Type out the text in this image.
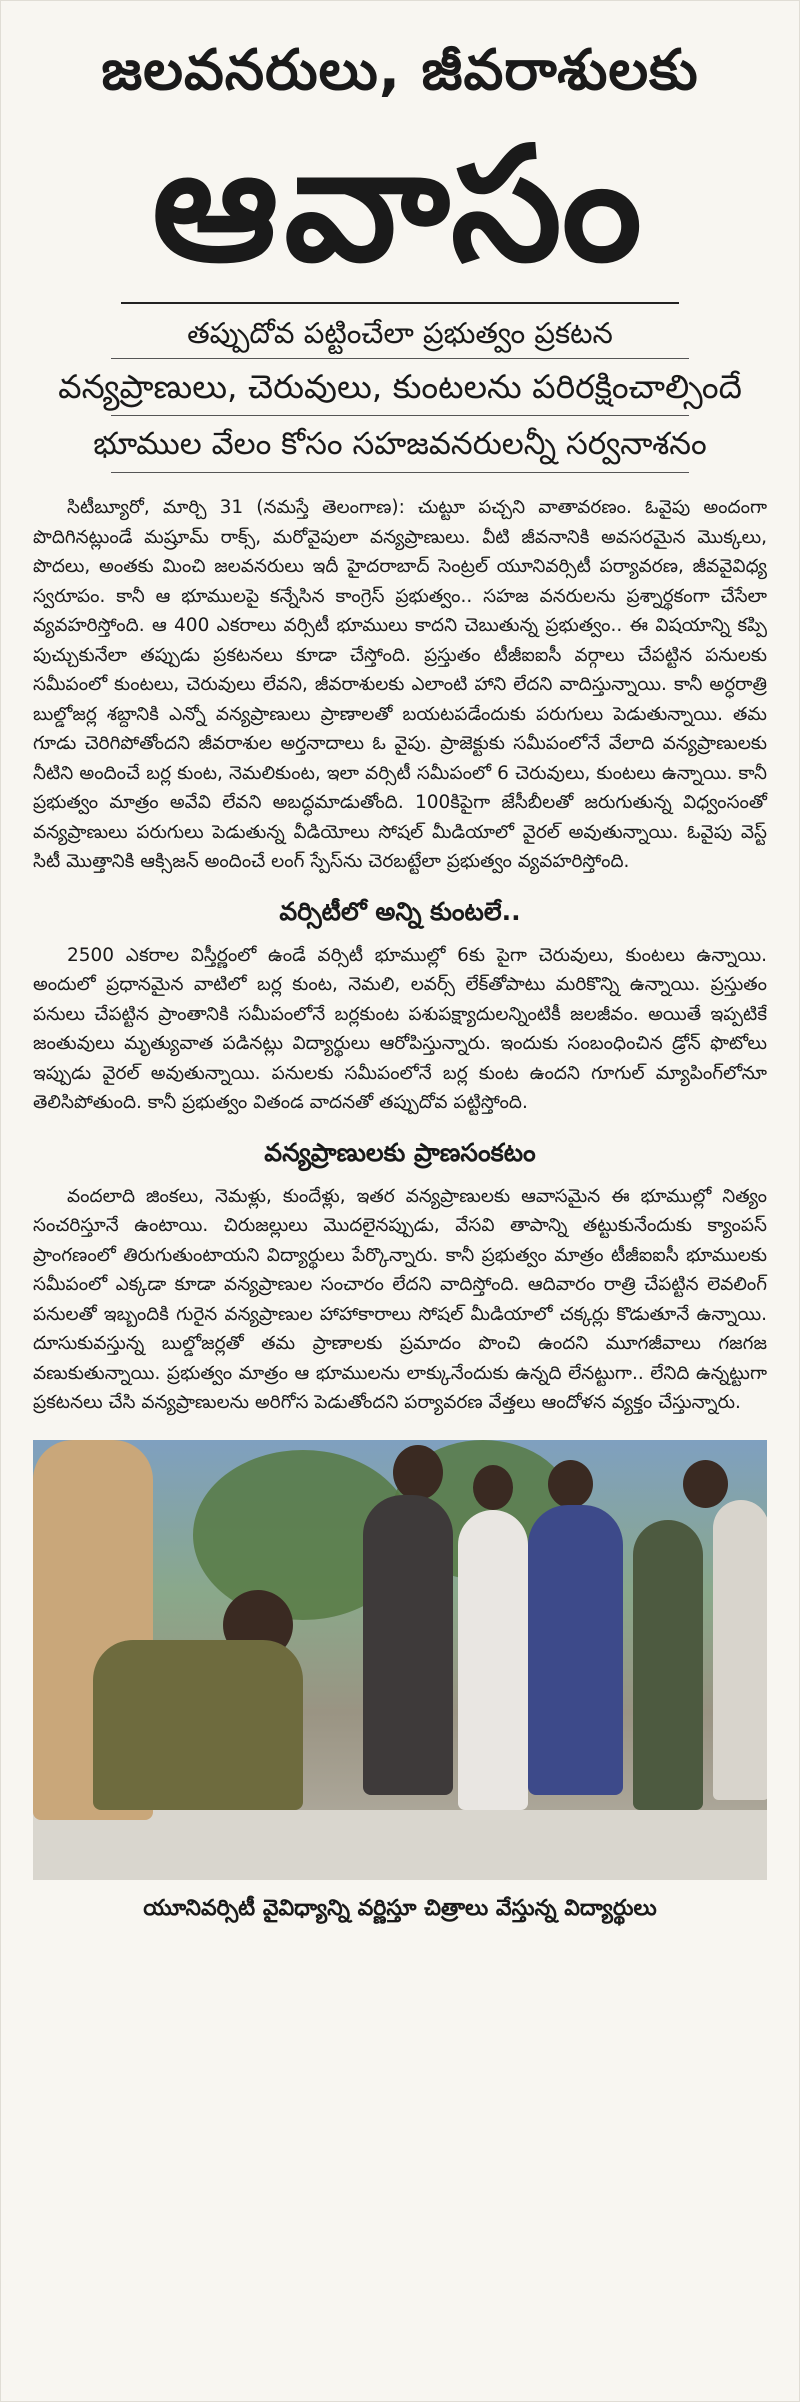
జలవనరులు, జీవరాశులకు
ఆవాసం
తప్పుదోవ పట్టించేలా ప్రభుత్వం ప్రకటన
వన్యప్రాణులు, చెరువులు, కుంటలను పరిరక్షించాల్సిందే
భూముల వేలం కోసం సహజవనరులన్నీ సర్వనాశనం

సిటీబ్యూరో, మార్చి 31 (నమస్తే తెలంగాణ): చుట్టూ పచ్చని వాతావరణం. ఓవైపు అందంగా పొదిగినట్లుండే మష్రూమ్ రాక్స్, మరోవైపులా వన్యప్రాణులు. వీటి జీవనానికి అవసరమైన మొక్కలు, పొదలు, అంతకు మించి జలవనరులు ఇదీ హైదరాబాద్ సెంట్రల్ యూనివర్సిటీ పర్యావరణ, జీవవైవిధ్య స్వరూపం. కానీ ఆ భూములపై కన్నేసిన కాంగ్రెస్ ప్రభుత్వం.. సహజ వనరులను ప్రశ్నార్థకంగా చేసేలా వ్యవహరిస్తోంది. ఆ 400 ఎకరాలు వర్సిటీ భూములు కాదని చెబుతున్న ప్రభుత్వం.. ఈ విషయాన్ని కప్పి పుచ్చుకునేలా తప్పుడు ప్రకటనలు కూడా చేస్తోంది. ప్రస్తుతం టీజీఐఐసీ వర్గాలు చేపట్టిన పనులకు సమీపంలో కుంటలు, చెరువులు లేవని, జీవరాశులకు ఎలాంటి హాని లేదని వాదిస్తున్నాయి. కానీ అర్ధరాత్రి బుల్డోజర్ల శబ్దానికి ఎన్నో వన్యప్రాణులు ప్రాణాలతో బయటపడేందుకు పరుగులు పెడుతున్నాయి. తమ గూడు చెరిగిపోతోందని జీవరాశుల అర్తనాదాలు ఓ వైపు. ప్రాజెక్టుకు సమీపంలోనే వేలాది వన్యప్రాణులకు నీటిని అందించే బర్ల కుంట, నెమలికుంట, ఇలా వర్సిటీ సమీపంలో 6 చెరువులు, కుంటలు ఉన్నాయి. కానీ ప్రభుత్వం మాత్రం అవేవి లేవని అబద్ధమాడుతోంది. 100కిపైగా జేసీబీలతో జరుగుతున్న విధ్వంసంతో వన్యప్రాణులు పరుగులు పెడుతున్న వీడియోలు సోషల్ మీడియాలో వైరల్ అవుతున్నాయి. ఓవైపు వెస్ట్ సిటీ మొత్తానికి ఆక్సిజన్ అందించే లంగ్ స్పేస్‌ను చెరబట్టేలా ప్రభుత్వం వ్యవహరిస్తోంది.

వర్సిటీలో అన్ని కుంటలే..

2500 ఎకరాల విస్తీర్ణంలో ఉండే వర్సిటీ భూముల్లో 6కు పైగా చెరువులు, కుంటలు ఉన్నాయి. అందులో ప్రధానమైన వాటిలో బర్ల కుంట, నెమలి, లవర్స్ లేక్‌తోపాటు మరికొన్ని ఉన్నాయి. ప్రస్తుతం పనులు చేపట్టిన ప్రాంతానికి సమీపంలోనే బర్లకుంట పశుపక్ష్యాదులన్నింటికీ జలజీవం. అయితే ఇప్పటికే జంతువులు మృత్యువాత పడినట్లు విద్యార్థులు ఆరోపిస్తున్నారు. ఇందుకు సంబంధించిన డ్రోన్ ఫొటోలు ఇప్పుడు వైరల్ అవుతున్నాయి. పనులకు సమీపంలోనే బర్ల కుంట ఉందని గూగుల్ మ్యాపింగ్‌లోనూ తెలిసిపోతుంది. కానీ ప్రభుత్వం వితండ వాదనతో తప్పుదోవ పట్టిస్తోంది.

వన్యప్రాణులకు ప్రాణసంకటం

వందలాది జింకలు, నెమళ్లు, కుందేళ్లు, ఇతర వన్యప్రాణులకు ఆవాసమైన ఈ భూముల్లో నిత్యం సంచరిస్తూనే ఉంటాయి. చిరుజల్లులు మొదలైనప్పుడు, వేసవి తాపాన్ని తట్టుకునేందుకు క్యాంపస్ ప్రాంగణంలో తిరుగుతుంటాయని విద్యార్థులు పేర్కొన్నారు. కానీ ప్రభుత్వం మాత్రం టీజీఐఐసీ భూములకు సమీపంలో ఎక్కడా కూడా వన్యప్రాణుల సంచారం లేదని వాదిస్తోంది. ఆదివారం రాత్రి చేపట్టిన లెవలింగ్ పనులతో ఇబ్బందికి గురైన వన్యప్రాణుల హాహాకారాలు సోషల్ మీడియాలో చక్కర్లు కొడుతూనే ఉన్నాయి. దూసుకువస్తున్న బుల్డోజర్లతో తమ ప్రాణాలకు ప్రమాదం పొంచి ఉందని మూగజీవాలు గజగజ వణుకుతున్నాయి. ప్రభుత్వం మాత్రం ఆ భూములను లాక్కునేందుకు ఉన్నది లేనట్టుగా.. లేనిది ఉన్నట్టుగా ప్రకటనలు చేసి వన్యప్రాణులను అరిగోస పెడుతోందని పర్యావరణ వేత్తలు ఆందోళన వ్యక్తం చేస్తున్నారు.

యూనివర్సిటీ వైవిధ్యాన్ని వర్ణిస్తూ చిత్రాలు వేస్తున్న విద్యార్థులు
